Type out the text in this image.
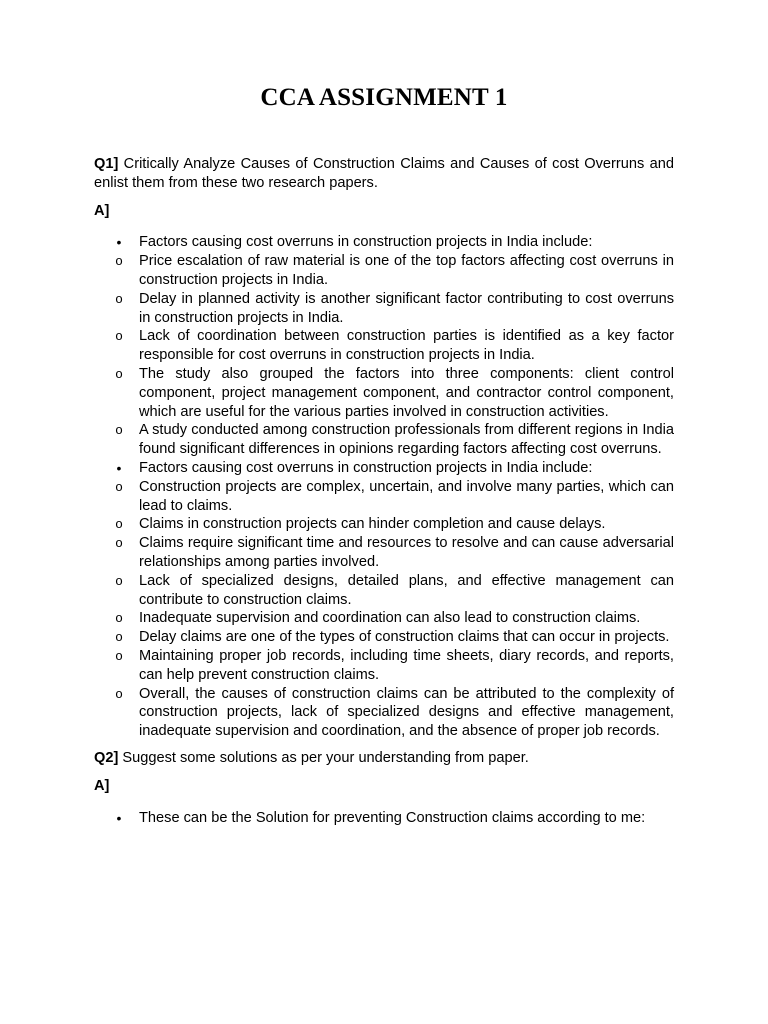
CCA ASSIGNMENT 1

Q1] Critically Analyze Causes of Construction Claims and Causes of cost Overruns and enlist them from these two research papers.

A]

•	Factors causing cost overruns in construction projects in India include:
o Price escalation of raw material is one of the top factors affecting cost overruns in construction projects in India.
o Delay in planned activity is another significant factor contributing to cost overruns in construction projects in India.
o Lack of coordination between construction parties is identified as a key factor responsible for cost overruns in construction projects in India.
o The study also grouped the factors into three components: client control component, project management component, and contractor control component, which are useful for the various parties involved in construction activities.
o A study conducted among construction professionals from different regions in India found significant differences in opinions regarding factors affecting cost overruns.
•	Factors causing cost overruns in construction projects in India include:
o Construction projects are complex, uncertain, and involve many parties, which can lead to claims.
o Claims in construction projects can hinder completion and cause delays.
o Claims require significant time and resources to resolve and can cause adversarial relationships among parties involved.
o Lack of specialized designs, detailed plans, and effective management can contribute to construction claims.
o Inadequate supervision and coordination can also lead to construction claims.
o Delay claims are one of the types of construction claims that can occur in projects.
o Maintaining proper job records, including time sheets, diary records, and reports, can help prevent construction claims.
o Overall, the causes of construction claims can be attributed to the complexity of construction projects, lack of specialized designs and effective management, inadequate supervision and coordination, and the absence of proper job records.

Q2] Suggest some solutions as per your understanding from paper.

A]

•	These can be the Solution for preventing Construction claims according to me:
